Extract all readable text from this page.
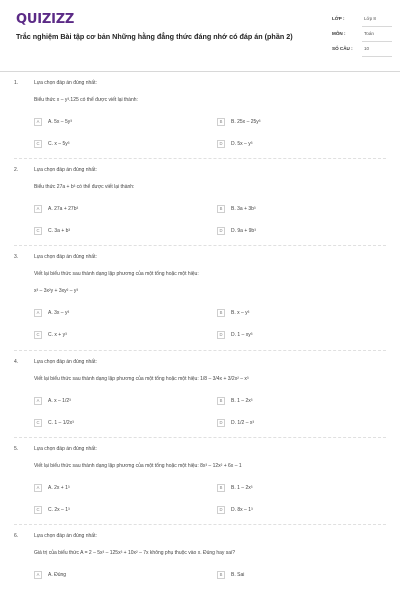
QUIZIZZ
Trắc nghiệm Bài tập cơ bản Những hằng đẳng thức đáng nhớ có đáp án (phần 2)
LỚP :	Lớp 8
MÔN :	Toán
SỐ CÂU : 10
1.	Lựa chọn đáp án đúng nhất:
Biểu thức x – y³.125 có thể được viết lại thành:
A	A. 5x – 5y³	B	B. 25x – 25y³
C	C. x – 5y³	D	D. 5x – y³
2.	Lựa chọn đáp án đúng nhất:
Biểu thức 27a + b³ có thể được viết lại thành:
A	A. 27a + 27b³	B	B. 3a + 3b³
C	C. 3a + b³	D	D. 9a + 9b³
3.	Lựa chọn đáp án đúng nhất:
Viết lại biểu thức sau thành dạng lập phương của một tổng hoặc một hiệu:
x³ – 3x²y + 3xy² – y³
A	A. 3x – y³	B	B. x – y³
C	C. x + y³	D	D. 1 – xy³
4.	Lựa chọn đáp án đúng nhất:
Viết lại biểu thức sau thành dạng lập phương của một tổng hoặc một hiệu: 1/8 – 3/4x + 3/2x² – x³
A	A. x – 1/2³	B	B. 1 – 2x³
C	C. 1 – 1/2x³	D	D. 1/2 – x³
5.	Lựa chọn đáp án đúng nhất:
Viết lại biểu thức sau thành dạng lập phương của một tổng hoặc một hiệu: 8x³ – 12x² + 6x – 1
A	A. 2x + 1³	B	B. 1 – 2x³
C	C. 2x – 1³	D	D. 8x – 1³
6.	Lựa chọn đáp án đúng nhất:
Giá trị của biểu thức A = 2 – 5x³ – 125x³ + 10x² – 7x không phụ thuộc vào x. Đúng hay sai?
A	A. Đúng	B	B. Sai
